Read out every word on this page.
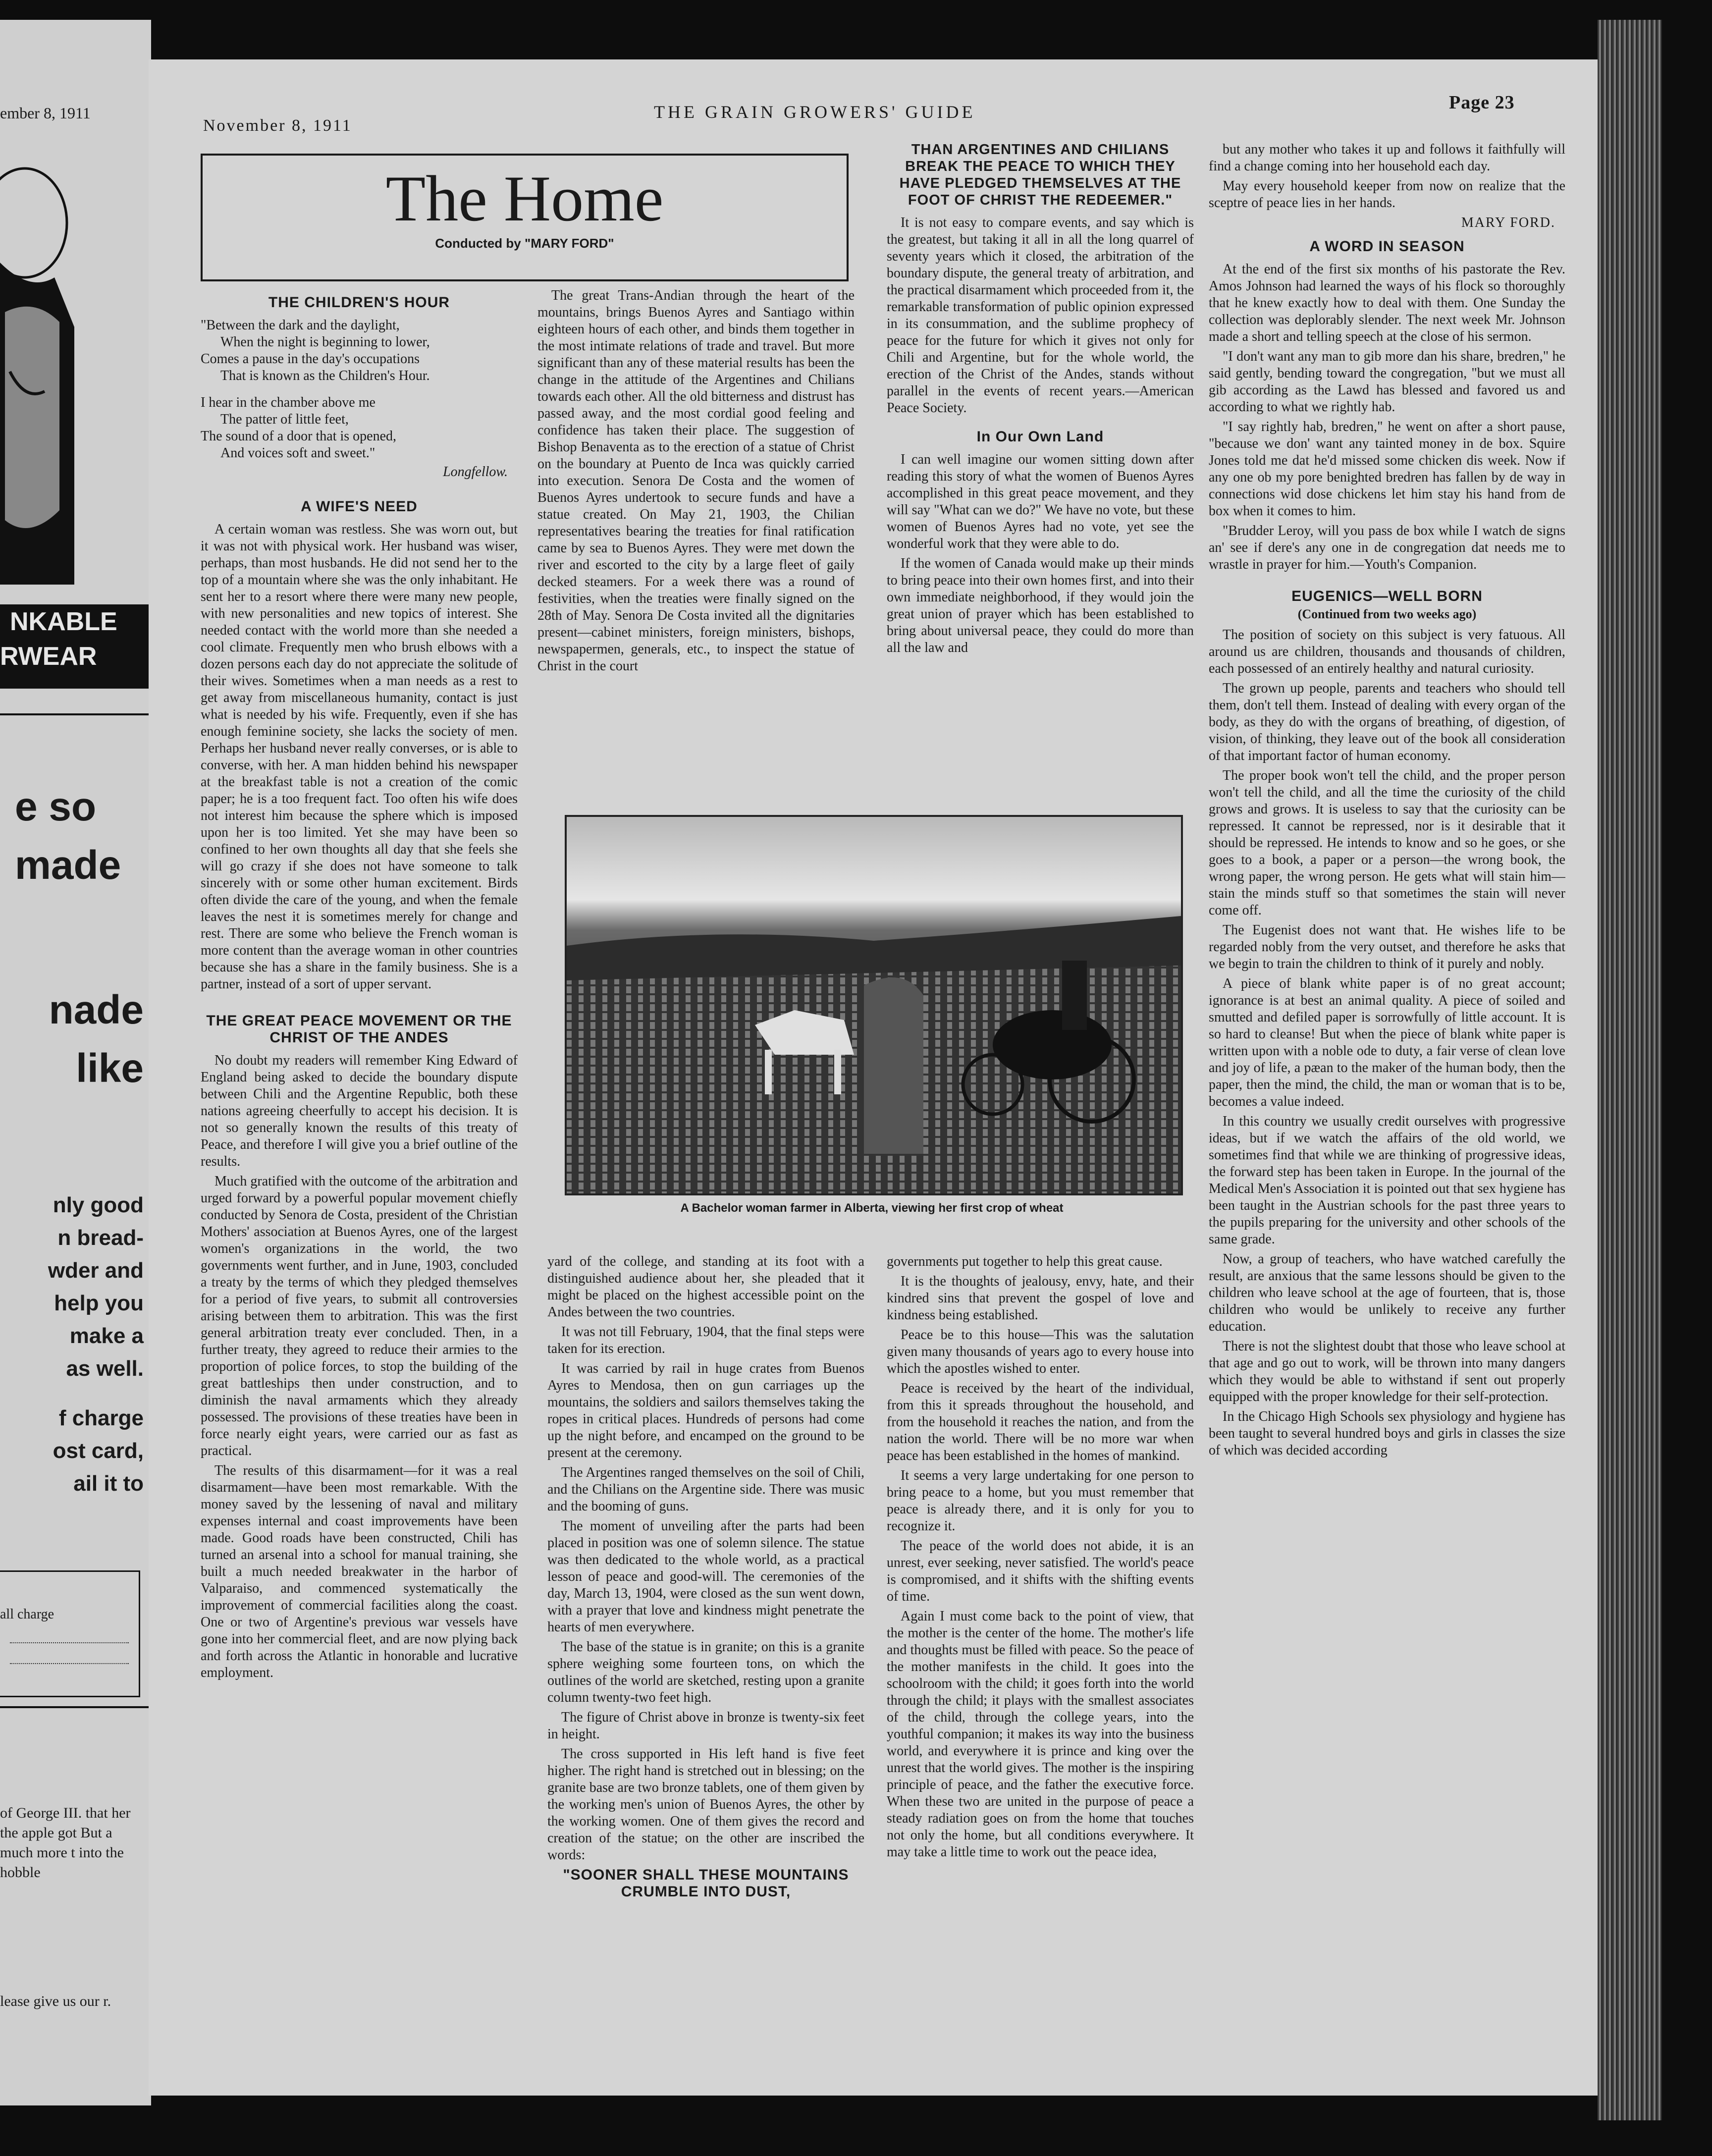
ember 8, 1911
NKABLE
RWEAR
e so
made
nade
like
nly good
n bread-
wder and
help you
make a
as well.
f charge
ost card,
ail it to
all charge
of George III. that her the apple got But a much more t into the hobble
lease give us our r.
November 8, 1911
THE GRAIN GROWERS' GUIDE	Page 23
The Home
Conducted by "MARY FORD"
THE CHILDREN'S HOUR

"Between the dark and the daylight,

When the night is beginning to lower,

Comes a pause in the day's occupations

That is known as the Children's Hour.

I hear in the chamber above me

The patter of little feet,

The sound of a door that is opened,

And voices soft and sweet."

Longfellow.
A WIFE'S NEED

A certain woman was restless. She was worn out, but it was not with physical work. Her husband was wiser, perhaps, than most husbands. He did not send her to the top of a mountain where she was the only inhabitant. He sent her to a resort where there were many new people, with new personalities and new topics of interest. She needed contact with the world more than she needed a cool climate. Frequently men who brush elbows with a dozen persons each day do not appreciate the solitude of their wives. Sometimes when a man needs as a rest to get away from miscellaneous humanity, contact is just what is needed by his wife. Frequently, even if she has enough feminine society, she lacks the society of men. Perhaps her husband never really converses, or is able to converse, with her. A man hidden behind his newspaper at the breakfast table is not a creation of the comic paper; he is a too frequent fact. Too often his wife does not interest him because the sphere which is imposed upon her is too limited. Yet she may have been so confined to her own thoughts all day that she feels she will go crazy if she does not have someone to talk sincerely with or some other human excitement. Birds often divide the care of the young, and when the female leaves the nest it is sometimes merely for change and rest. There are some who believe the French woman is more content than the average woman in other countries because she has a share in the family business. She is a partner, instead of a sort of upper servant.

THE GREAT PEACE MOVEMENT OR THE CHRIST OF THE ANDES

No doubt my readers will remember King Edward of England being asked to decide the boundary dispute between Chili and the Argentine Republic, both these nations agreeing cheerfully to accept his decision. It is not so generally known the results of this treaty of Peace, and therefore I will give you a brief outline of the results.

Much gratified with the outcome of the arbitration and urged forward by a powerful popular movement chiefly conducted by Senora de Costa, president of the Christian Mothers' association at Buenos Ayres, one of the largest women's organizations in the world, the two governments went further, and in June, 1903, concluded a treaty by the terms of which they pledged themselves for a period of five years, to submit all controversies arising between them to arbitration. This was the first general arbitration treaty ever concluded. Then, in a further treaty, they agreed to reduce their armies to the proportion of police forces, to stop the building of the great battleships then under construction, and to diminish the naval armaments which they already possessed. The provisions of these treaties have been in force nearly eight years, were carried our as fast as practical.

The results of this disarmament—for it was a real disarmament—have been most remarkable. With the money saved by the lessening of naval and military expenses internal and coast improvements have been made. Good roads have been constructed, Chili has turned an arsenal into a school for manual training, she built a much needed breakwater in the harbor of Valparaiso, and commenced systematically the improvement of commercial facilities along the coast. One or two of Argentine's previous war vessels have gone into her commercial fleet, and are now plying back and forth across the Atlantic in honorable and lucrative employment.

The great Trans-Andian through the heart of the mountains, brings Buenos Ayres and Santiago within eighteen hours of each other, and binds them together in the most intimate relations of trade and travel. But more significant than any of these material results has been the change in the attitude of the Argentines and Chilians towards each other. All the old bitterness and distrust has passed away, and the most cordial good feeling and confidence has taken their place. The suggestion of Bishop Benaventa as to the erection of a statue of Christ on the boundary at Puento de Inca was quickly carried into execution. Senora De Costa and the women of Buenos Ayres undertook to secure funds and have a statue created. On May 21, 1903, the Chilian representatives bearing the treaties for final ratification came by sea to Buenos Ayres. They were met down the river and escorted to the city by a large fleet of gaily decked steamers. For a week there was a round of festivities, when the treaties were finally signed on the 28th of May. Senora De Costa invited all the dignitaries present—cabinet ministers, foreign ministers, bishops, newspapermen, generals, etc., to inspect the statue of Christ in the court

THAN ARGENTINES AND CHILIANS BREAK THE PEACE TO WHICH THEY HAVE PLEDGED THEMSELVES AT THE FOOT OF CHRIST THE REDEEMER."

It is not easy to compare events, and say which is the greatest, but taking it all in all the long quarrel of seventy years which it closed, the arbitration of the boundary dispute, the general treaty of arbitration, and the practical disarmament which proceeded from it, the remarkable transformation of public opinion expressed in its consummation, and the sublime prophecy of peace for the future for which it gives not only for Chili and Argentine, but for the whole world, the erection of the Christ of the Andes, stands without parallel in the events of recent years.—American Peace Society.

In Our Own Land

I can well imagine our women sitting down after reading this story of what the women of Buenos Ayres accomplished in this great peace movement, and they will say "What can we do?" We have no vote, but these women of Buenos Ayres had no vote, yet see the wonderful work that they were able to do.

If the women of Canada would make up their minds to bring peace into their own homes first, and into their own immediate neighborhood, if they would join the great union of prayer which has been established to bring about universal peace, they could do more than all the law and

but any mother who takes it up and follows it faithfully will find a change coming into her household each day.

May every household keeper from now on realize that the sceptre of peace lies in her hands.

MARY FORD.
A WORD IN SEASON

At the end of the first six months of his pastorate the Rev. Amos Johnson had learned the ways of his flock so thoroughly that he knew exactly how to deal with them. One Sunday the collection was deplorably slender. The next week Mr. Johnson made a short and telling speech at the close of his sermon.

"I don't want any man to gib more dan his share, bredren," he said gently, bending toward the congregation, "but we must all gib according as the Lawd has blessed and favored us and according to what we rightly hab.

"I say rightly hab, bredren," he went on after a short pause, "because we don' want any tainted money in de box. Squire Jones told me dat he'd missed some chicken dis week. Now if any one ob my pore benighted bredren has fallen by de way in connections wid dose chickens let him stay his hand from de box when it comes to him.

"Brudder Leroy, will you pass de box while I watch de signs an' see if dere's any one in de congregation dat needs me to wrastle in prayer for him.—Youth's Companion.

EUGENICS—WELL BORN
(Continued from two weeks ago)

The position of society on this subject is very fatuous. All around us are children, thousands and thousands of children, each possessed of an entirely healthy and natural curiosity.

The grown up people, parents and teachers who should tell them, don't tell them. Instead of dealing with every organ of the body, as they do with the organs of breathing, of digestion, of vision, of thinking, they leave out of the book all consideration of that important factor of human economy.

The proper book won't tell the child, and the proper person won't tell the child, and all the time the curiosity of the child grows and grows. It is useless to say that the curiosity can be repressed. It cannot be repressed, nor is it desirable that it should be repressed. He intends to know and so he goes, or she goes to a book, a paper or a person—the wrong book, the wrong paper, the wrong person. He gets what will stain him—stain the minds stuff so that sometimes the stain will never come off.

The Eugenist does not want that. He wishes life to be regarded nobly from the very outset, and therefore he asks that we begin to train the children to think of it purely and nobly.

A piece of blank white paper is of no great account; ignorance is at best an animal quality. A piece of soiled and smutted and defiled paper is sorrowfully of little account. It is so hard to cleanse! But when the piece of blank white paper is written upon with a noble ode to duty, a fair verse of clean love and joy of life, a pæan to the maker of the human body, then the paper, then the mind, the child, the man or woman that is to be, becomes a value indeed.

In this country we usually credit ourselves with progressive ideas, but if we watch the affairs of the old world, we sometimes find that while we are thinking of progressive ideas, the forward step has been taken in Europe. In the journal of the Medical Men's Association it is pointed out that sex hygiene has been taught in the Austrian schools for the past three years to the pupils preparing for the university and other schools of the same grade.

Now, a group of teachers, who have watched carefully the result, are anxious that the same lessons should be given to the children who leave school at the age of fourteen, that is, those children who would be unlikely to receive any further education.

There is not the slightest doubt that those who leave school at that age and go out to work, will be thrown into many dangers which they would be able to withstand if sent out properly equipped with the proper knowledge for their self-protection.

In the Chicago High Schools sex physiology and hygiene has been taught to several hundred boys and girls in classes the size of which was decided according

A Bachelor woman farmer in Alberta, viewing her first crop of wheat

yard of the college, and standing at its foot with a distinguished audience about her, she pleaded that it might be placed on the highest accessible point on the Andes between the two countries.

It was not till February, 1904, that the final steps were taken for its erection.

It was carried by rail in huge crates from Buenos Ayres to Mendosa, then on gun carriages up the mountains, the soldiers and sailors themselves taking the ropes in critical places. Hundreds of persons had come up the night before, and encamped on the ground to be present at the ceremony.

The Argentines ranged themselves on the soil of Chili, and the Chilians on the Argentine side. There was music and the booming of guns.

The moment of unveiling after the parts had been placed in position was one of solemn silence. The statue was then dedicated to the whole world, as a practical lesson of peace and good-will. The ceremonies of the day, March 13, 1904, were closed as the sun went down, with a prayer that love and kindness might penetrate the hearts of men everywhere.

The base of the statue is in granite; on this is a granite sphere weighing some fourteen tons, on which the outlines of the world are sketched, resting upon a granite column twenty-two feet high.

The figure of Christ above in bronze is twenty-six feet in height.

The cross supported in His left hand is five feet higher. The right hand is stretched out in blessing; on the granite base are two bronze tablets, one of them given by the working men's union of Buenos Ayres, the other by the working women. One of them gives the record and creation of the statue; on the other are inscribed the words:

"SOONER SHALL THESE MOUNTAINS CRUMBLE INTO DUST,

governments put together to help this great cause.

It is the thoughts of jealousy, envy, hate, and their kindred sins that prevent the gospel of love and kindness being established.

Peace be to this house—This was the salutation given many thousands of years ago to every house into which the apostles wished to enter.

Peace is received by the heart of the individual, from this it spreads throughout the household, and from the household it reaches the nation, and from the nation the world. There will be no more war when peace has been established in the homes of mankind.

It seems a very large undertaking for one person to bring peace to a home, but you must remember that peace is already there, and it is only for you to recognize it.

The peace of the world does not abide, it is an unrest, ever seeking, never satisfied. The world's peace is compromised, and it shifts with the shifting events of time.

Again I must come back to the point of view, that the mother is the center of the home. The mother's life and thoughts must be filled with peace. So the peace of the mother manifests in the child. It goes into the schoolroom with the child; it goes forth into the world through the child; it plays with the smallest associates of the child, through the college years, into the youthful companion; it makes its way into the business world, and everywhere it is prince and king over the unrest that the world gives. The mother is the inspiring principle of peace, and the father the executive force. When these two are united in the purpose of peace a steady radiation goes on from the home that touches not only the home, but all conditions everywhere. It may take a little time to work out the peace idea,
